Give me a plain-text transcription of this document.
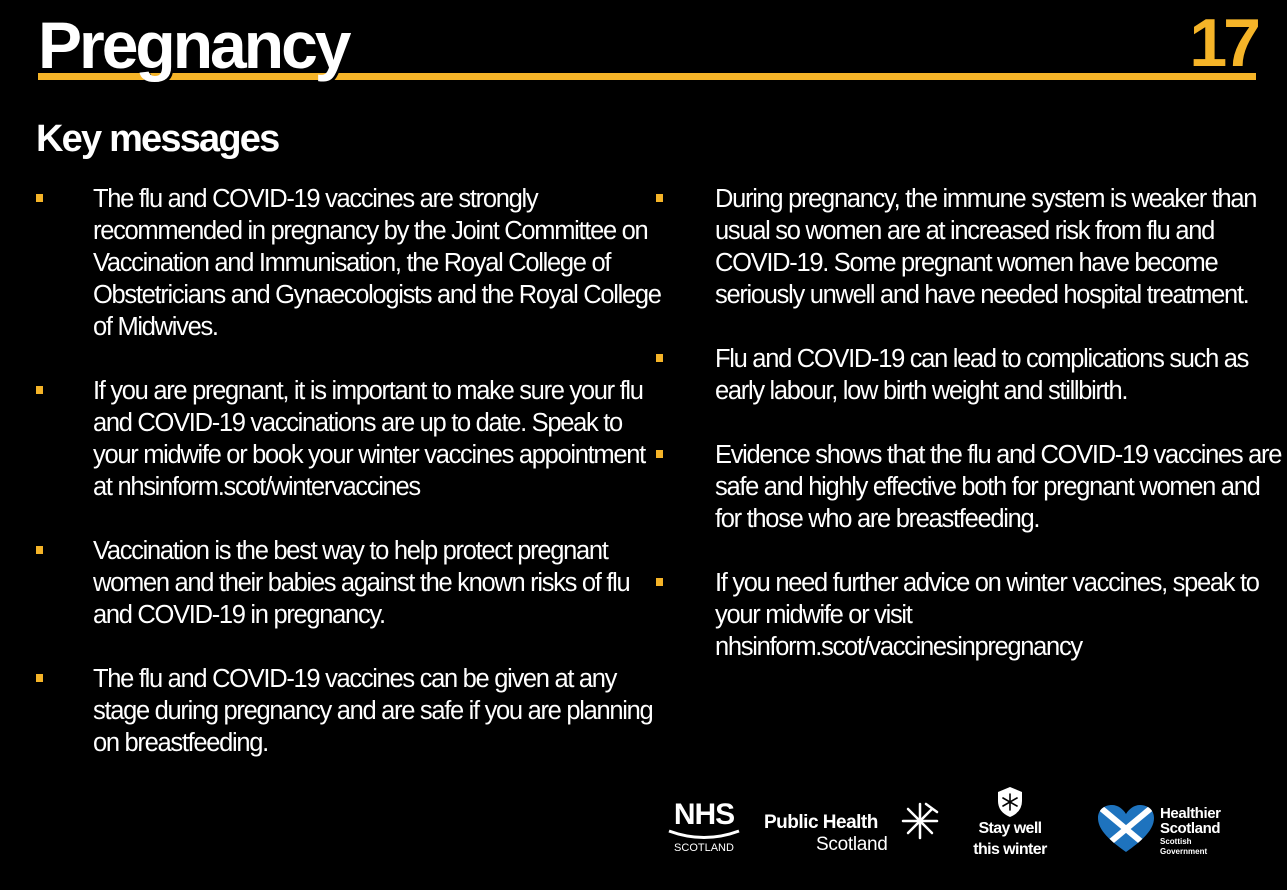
Pregnancy	17
Key messages
The flu and COVID-19 vaccines are strongly recommended in pregnancy by the Joint Committee on Vaccination and Immunisation, the Royal College of Obstetricians and Gynaecologists and the Royal College of Midwives.
If you are pregnant, it is important to make sure your flu and COVID-19 vaccinations are up to date. Speak to your midwife or book your winter vaccines appointment at nhsinform.scot/wintervaccines
Vaccination is the best way to help protect pregnant women and their babies against the known risks of flu and COVID-19 in pregnancy.
The flu and COVID-19 vaccines can be given at any stage during pregnancy and are safe if you are planning on breastfeeding.
During pregnancy, the immune system is weaker than usual so women are at increased risk from flu and COVID-19. Some pregnant women have become seriously unwell and have needed hospital treatment.
Flu and COVID-19 can lead to complications such as early labour, low birth weight and stillbirth.
Evidence shows that the flu and COVID-19 vaccines are safe and highly effective both for pregnant women and for those who are breastfeeding.
If you need further advice on winter vaccines, speak to your midwife or visit nhsinform.scot/vaccinesinpregnancy
NHS
SCOTLAND
Public Health
Scotland
Stay well
this winter
Healthier
Scotland
Scottish
Government
